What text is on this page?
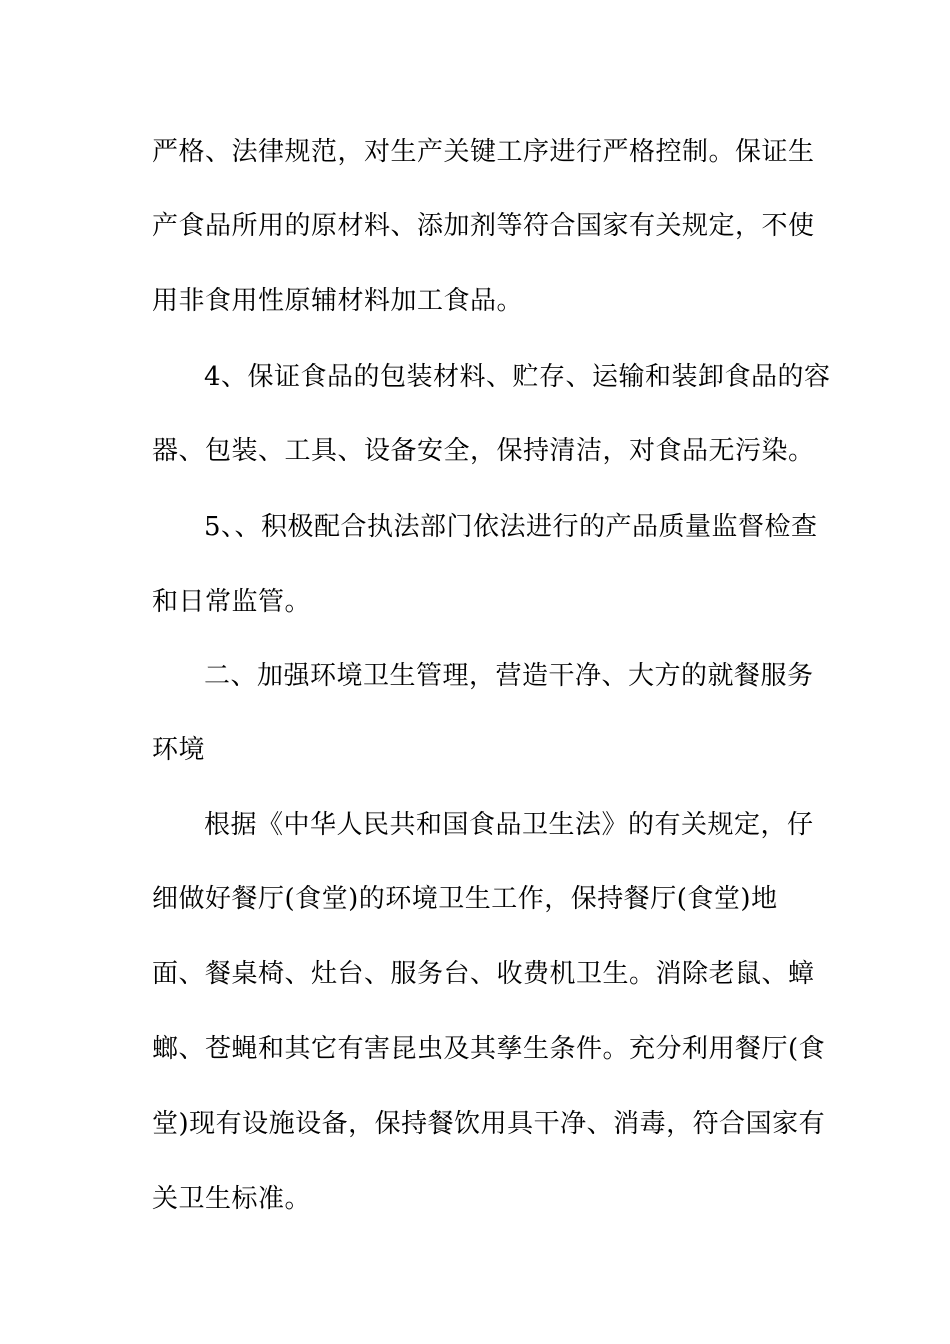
严格、法律规范，对生产关键工序进行严格控制。保证生
产食品所用的原材料、添加剂等符合国家有关规定，不使
用非食用性原辅材料加工食品。
4、保证食品的包装材料、贮存、运输和装卸食品的容
器、包装、工具、设备安全，保持清洁，对食品无污染。
5、、积极配合执法部门依法进行的产品质量监督检查
和日常监管。
二、加强环境卫生管理，营造干净、大方的就餐服务
环境
根据《中华人民共和国食品卫生法》的有关规定，仔
细做好餐厅(食堂)的环境卫生工作，保持餐厅(食堂)地
面、餐桌椅、灶台、服务台、收费机卫生。消除老鼠、蟑
螂、苍蝇和其它有害昆虫及其孳生条件。充分利用餐厅(食
堂)现有设施设备，保持餐饮用具干净、消毒，符合国家有
关卫生标准。
